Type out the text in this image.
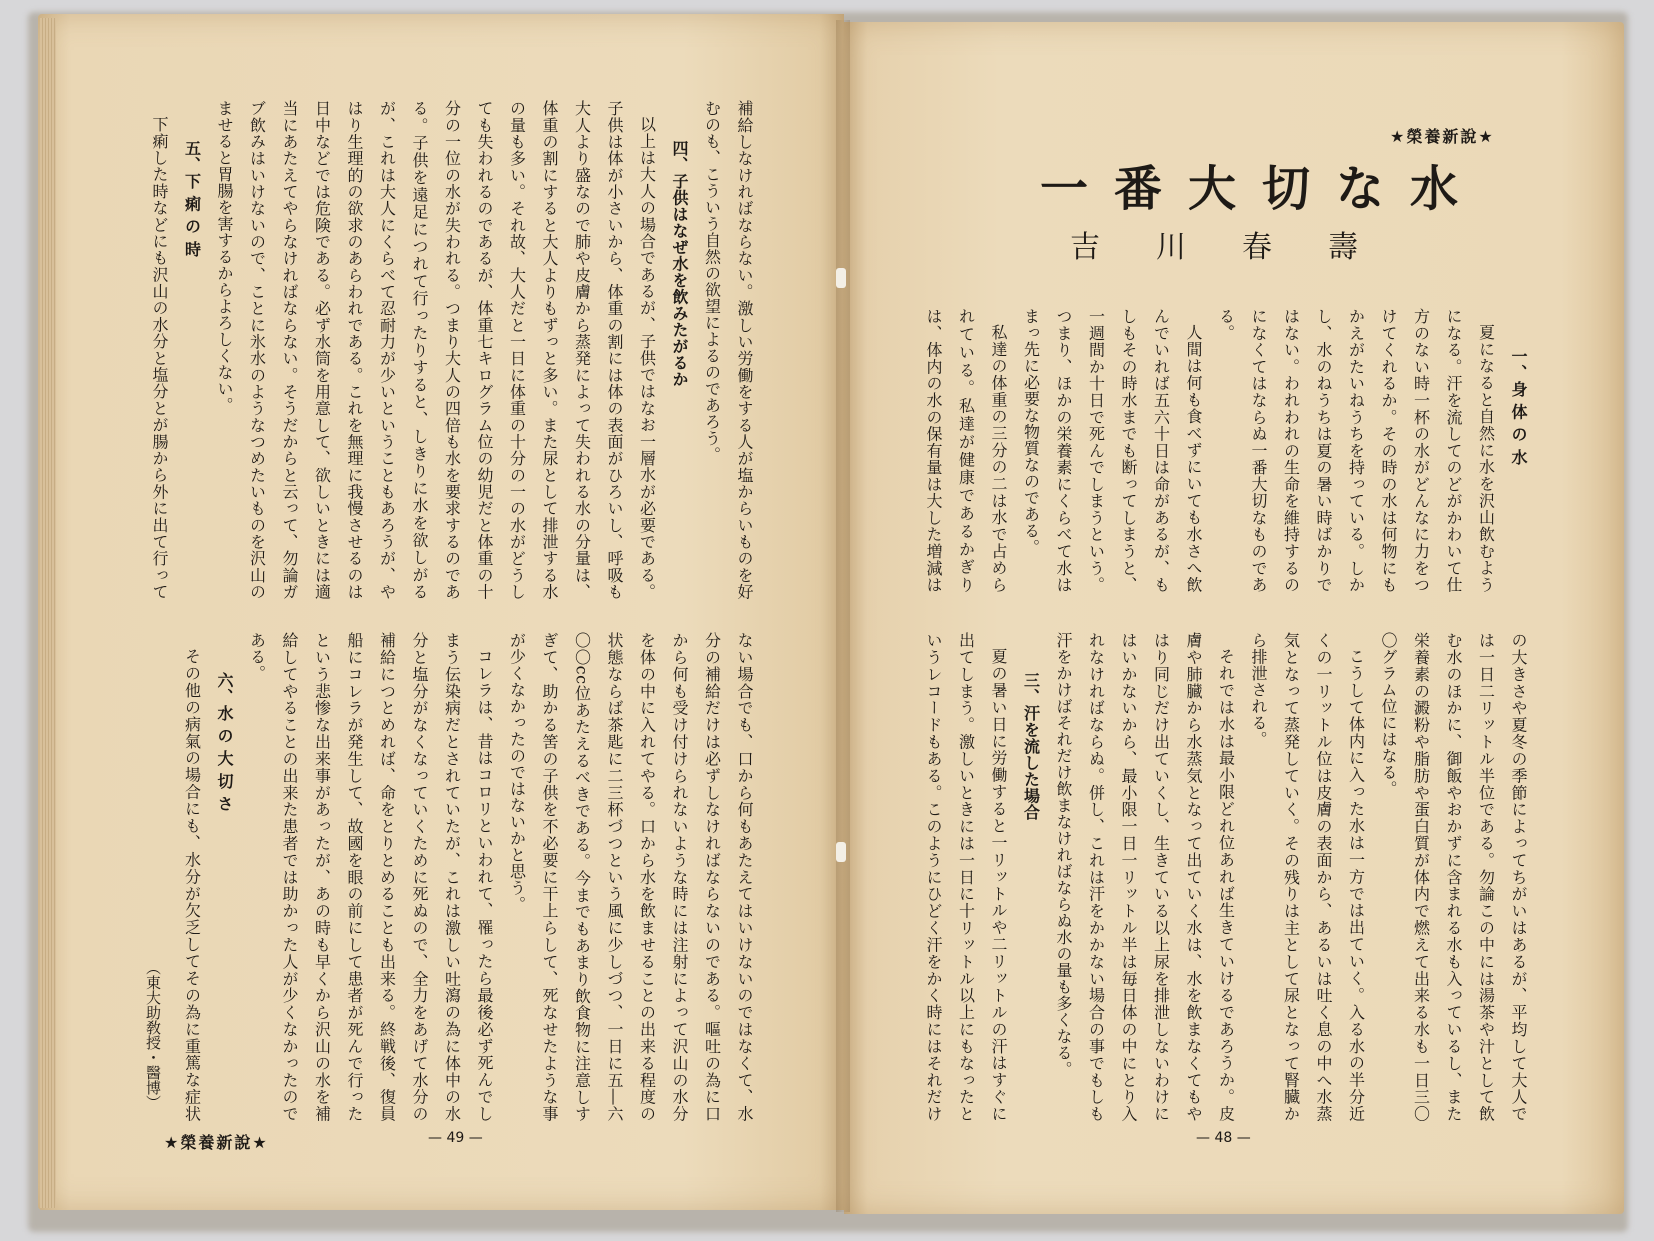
★榮養新說★
一番大切な水
吉川春壽
一、身 体 の 水

夏になると自然に水を沢山飲むようになる。汗を流してのどがかわいて仕方のない時一杯の水がどんなに力をつけてくれるか。その時の水は何物にもかえがたいねうちを持っている。しかし、水のねうちは夏の暑い時ばかりではない。われわれの生命を維持するのになくてはならぬ一番大切なものである。

人間は何も食べずにいても水さへ飲んでいれば五六十日は命があるが、もしもその時水までも断ってしまうと、一週間か十日で死んでしまうという。つまり、ほかの栄養素にくらべて水はまっ先に必要な物質なのである。

私達の体重の三分の二は水で占められている。私達が健康であるかぎりは、体内の水の保有量は大した増減は

の大きさや夏冬の季節によってちがいはあるが、平均して大人では一日二リットル半位である。勿論この中には湯茶や汁として飲む水のほかに、御飯やおかずに含まれる水も入っているし、また栄養素の澱粉や脂肪や蛋白質が体内で燃えて出来る水も一日三〇〇グラム位にはなる。

こうして体内に入った水は一方では出ていく。入る水の半分近くの一リットル位は皮膚の表面から、あるいは吐く息の中へ水蒸気となって蒸発していく。その残りは主として尿となって腎臓から排泄される。

それでは水は最小限どれ位あれば生きていけるであろうか。皮膚や肺臓から水蒸気となって出ていく水は、水を飲まなくてもやはり同じだけ出ていくし、生きている以上尿を排泄しないわけにはいかないから、最小限一日一リットル半は毎日体の中にとり入れなければならぬ。併し、これは汗をかかない場合の事でもしも汗をかけばそれだけ飲まなければならぬ水の量も多くなる。

三、汗を流した場合

夏の暑い日に労働すると一リットルや二リットルの汗はすぐに出てしまう。激しいときには一日に十リットル以上にもなったというレコードもある。このようにひどく汗をかく時にはそれだけ

— 48 —

補給しなければならない。激しい労働をする人が塩からいものを好むのも、こういう自然の欲望によるのであろう。

四、子供はなぜ水を飲みたがるか

以上は大人の場合であるが、子供ではなお一層水が必要である。子供は体が小さいから、体重の割には体の表面がひろいし、呼吸も大人より盛なので肺や皮膚から蒸発によって失われる水の分量は、体重の割にすると大人よりもずっと多い。また尿として排泄する水の量も多い。それ故、大人だと一日に体重の十分の一の水がどうしても失われるのであるが、体重七キログラム位の幼児だと体重の十分の一位の水が失われる。つまり大人の四倍も水を要求するのである。子供を遠足につれて行ったりすると、しきりに水を欲しがるが、これは大人にくらべて忍耐力が少いということもあろうが、やはり生理的の欲求のあらわれである。これを無理に我慢させるのは日中などでは危険である。必ず水筒を用意して、欲しいときには適当にあたえてやらなければならない。そうだからと云って、勿論ガブ飲みはいけないので、ことに氷水のようなつめたいものを沢山のませると胃腸を害するからよろしくない。

五、下 痢 の 時

下痢した時などにも沢山の水分と塩分とが腸から外に出て行って

ない場合でも、口から何もあたえてはいけないのではなくて、水分の補給だけは必ずしなければならないのである。嘔吐の為に口から何も受け付けられないような時には注射によって沢山の水分を体の中に入れてやる。口から水を飲ませることの出来る程度の状態ならば茶匙に二三杯づつという風に少しづつ、一日に五―六〇〇cc位あたえるべきである。今までもあまり飲食物に注意しすぎて、助かる筈の子供を不必要に干上らして、死なせたような事が少くなかったのではないかと思う。

コレラは、昔はコロリといわれて、罹ったら最後必ず死んでしまう伝染病だとされていたが、これは激しい吐瀉の為に体中の水分と塩分がなくなっていくために死ぬので、全力をあげて水分の補給につとめれば、命をとりとめることも出来る。終戦後、復員船にコレラが発生して、故國を眼の前にして患者が死んで行ったという悲惨な出来事があったが、あの時も早くから沢山の水を補給してやることの出来た患者では助かった人が少くなかったのである。

六、水 の 大 切 さ

その他の病氣の場合にも、水分が欠乏してその為に重篤な症状

（東大助敎授・醫博）
★榮養新說★	— 49 —
